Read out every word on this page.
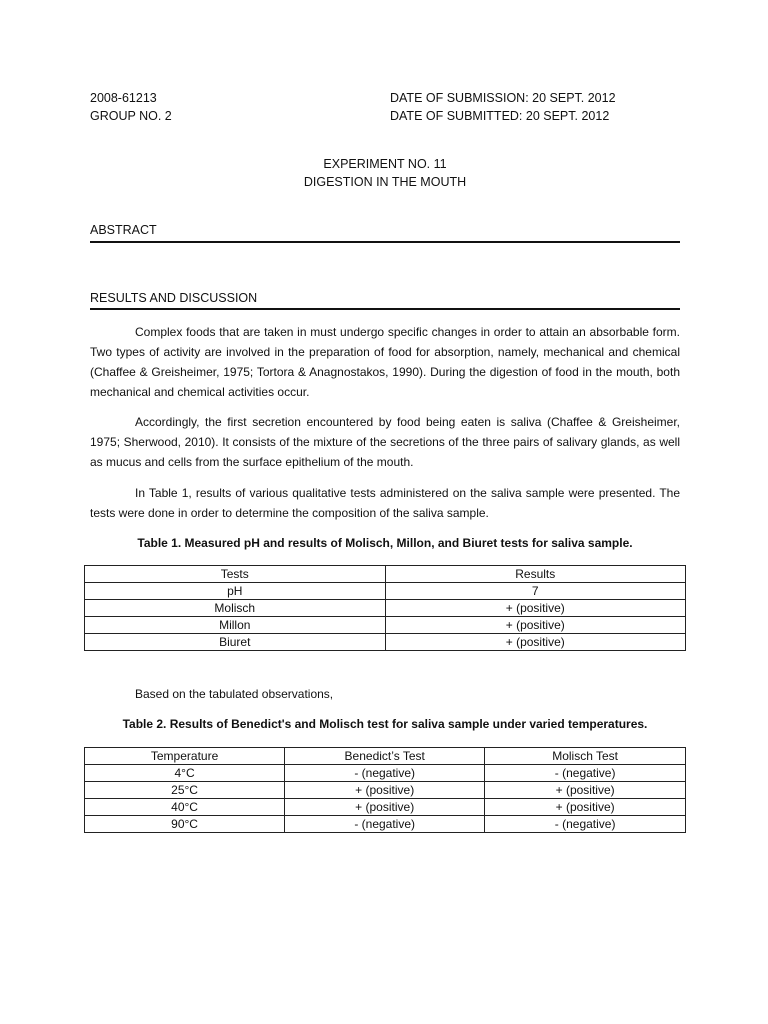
2008-61213
GROUP NO. 2
DATE OF SUBMISSION: 20 SEPT. 2012
DATE OF SUBMITTED: 20 SEPT. 2012
EXPERIMENT NO. 11
DIGESTION IN THE MOUTH
ABSTRACT
RESULTS AND DISCUSSION

Complex foods that are taken in must undergo specific changes in order to attain an absorbable form. Two types of activity are involved in the preparation of food for absorption, namely, mechanical and chemical (Chaffee & Greisheimer, 1975; Tortora & Anagnostakos, 1990). During the digestion of food in the mouth, both mechanical and chemical activities occur.

Accordingly, the first secretion encountered by food being eaten is saliva (Chaffee & Greisheimer, 1975; Sherwood, 2010). It consists of the mixture of the secretions of the three pairs of salivary glands, as well as mucus and cells from the surface epithelium of the mouth.

In Table 1, results of various qualitative tests administered on the saliva sample were presented. The tests were done in order to determine the composition of the saliva sample.

Table 1. Measured pH and results of Molisch, Millon, and Biuret tests for saliva sample.
Tests	Results
pH	7
Molisch	+ (positive)
Millon	+ (positive)
Biuret	+ (positive)

Based on the tabulated observations,

Table 2. Results of Benedict's and Molisch test for saliva sample under varied temperatures.
Temperature	Benedict’s Test	Molisch Test
4°C	- (negative)	- (negative)
25°C	+ (positive)	+ (positive)
40°C	+ (positive)	+ (positive)
90°C	- (negative)	- (negative)
